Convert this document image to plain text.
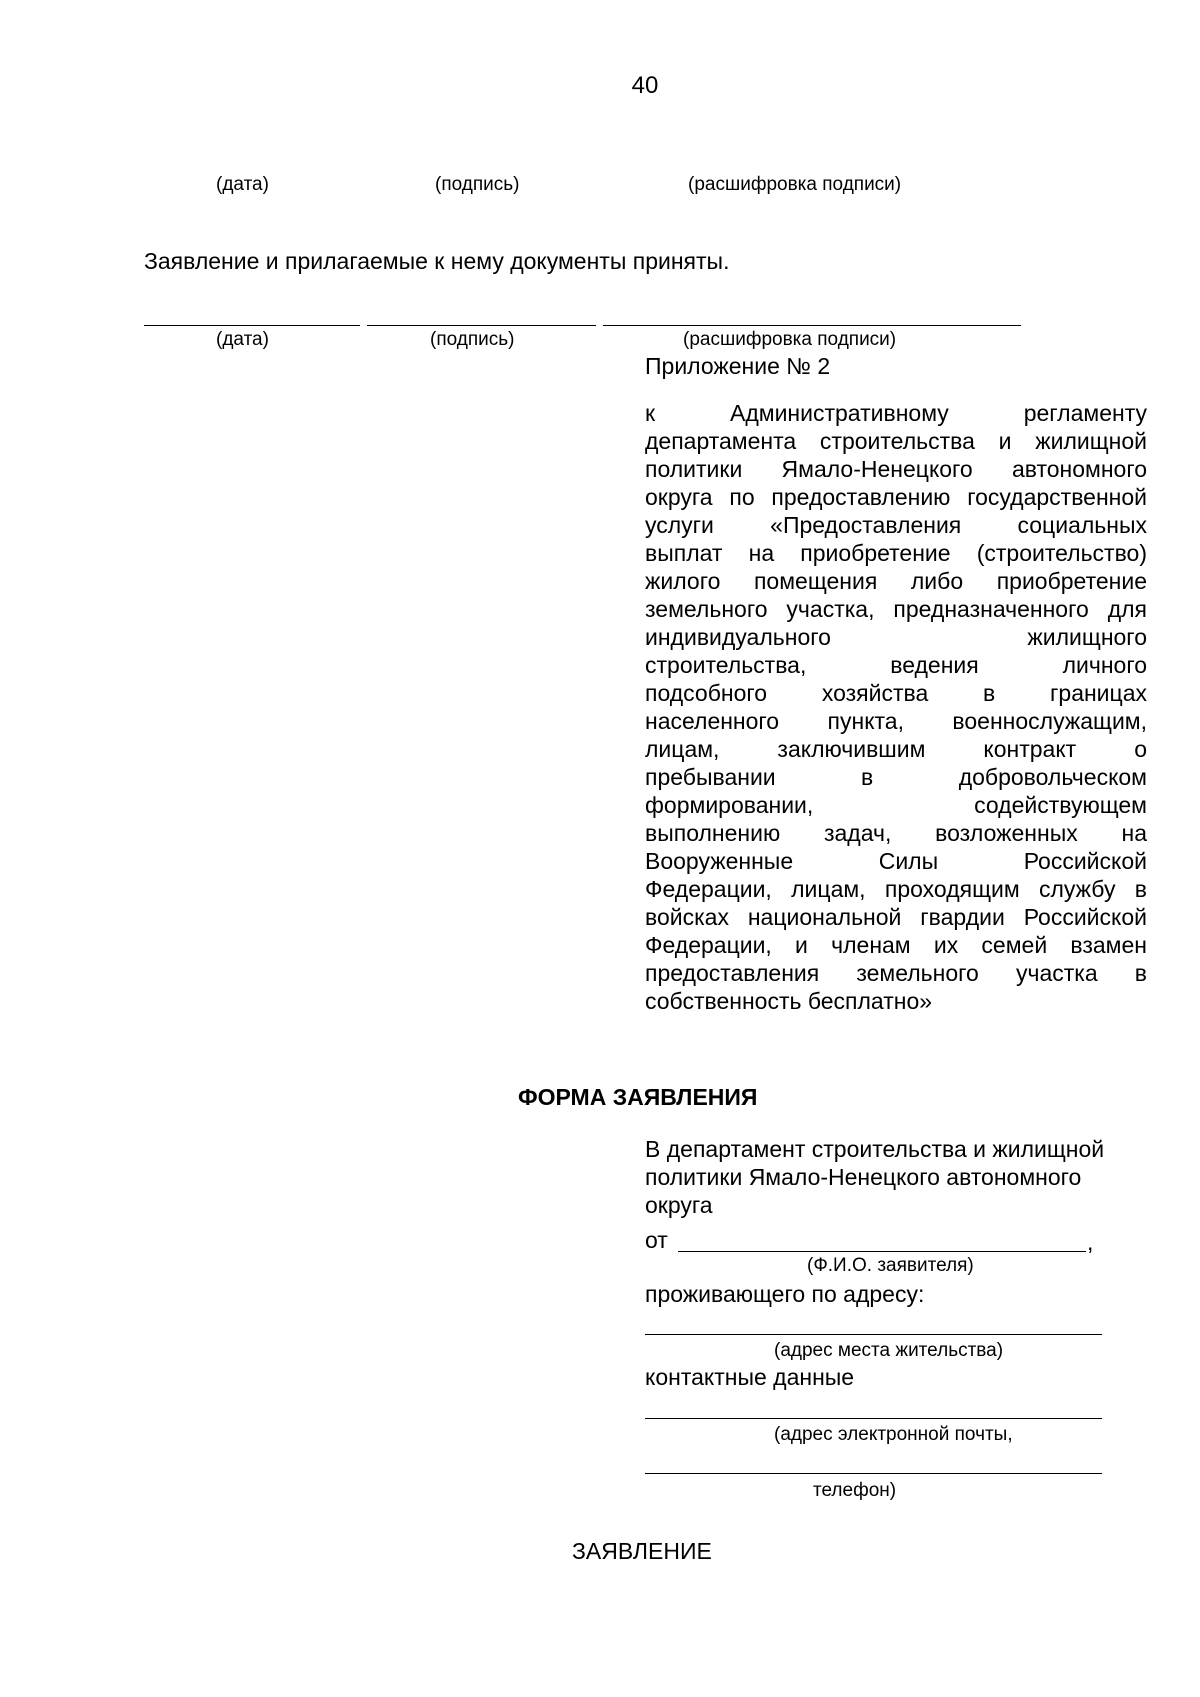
40
(дата)	(подпись)	(расшифровка подписи)
Заявление и прилагаемые к нему документы приняты.
(дата)	(подпись)	(расшифровка подписи)
Приложение № 2
к Административному регламенту
департамента строительства и жилищной
политики Ямало-Ненецкого автономного
округа по предоставлению государственной
услуги «Предоставления социальных
выплат на приобретение (строительство)
жилого помещения либо приобретение
земельного участка, предназначенного для
индивидуального жилищного
строительства, ведения личного
подсобного хозяйства в границах
населенного пункта, военнослужащим,
лицам, заключившим контракт о
пребывании в добровольческом
формировании, содействующем
выполнению задач, возложенных на
Вооруженные Силы Российской
Федерации, лицам, проходящим службу в
войсках национальной гвардии Российской
Федерации, и членам их семей взамен
предоставления земельного участка в
собственность бесплатно»
ФОРМА ЗАЯВЛЕНИЯ
В департамент строительства и жилищной
политики Ямало-Ненецкого автономного
округа
от	,
(Ф.И.О. заявителя)
проживающего по адресу:
(адрес места жительства)
контактные данные
(адрес электронной почты,
телефон)
ЗАЯВЛЕНИЕ
